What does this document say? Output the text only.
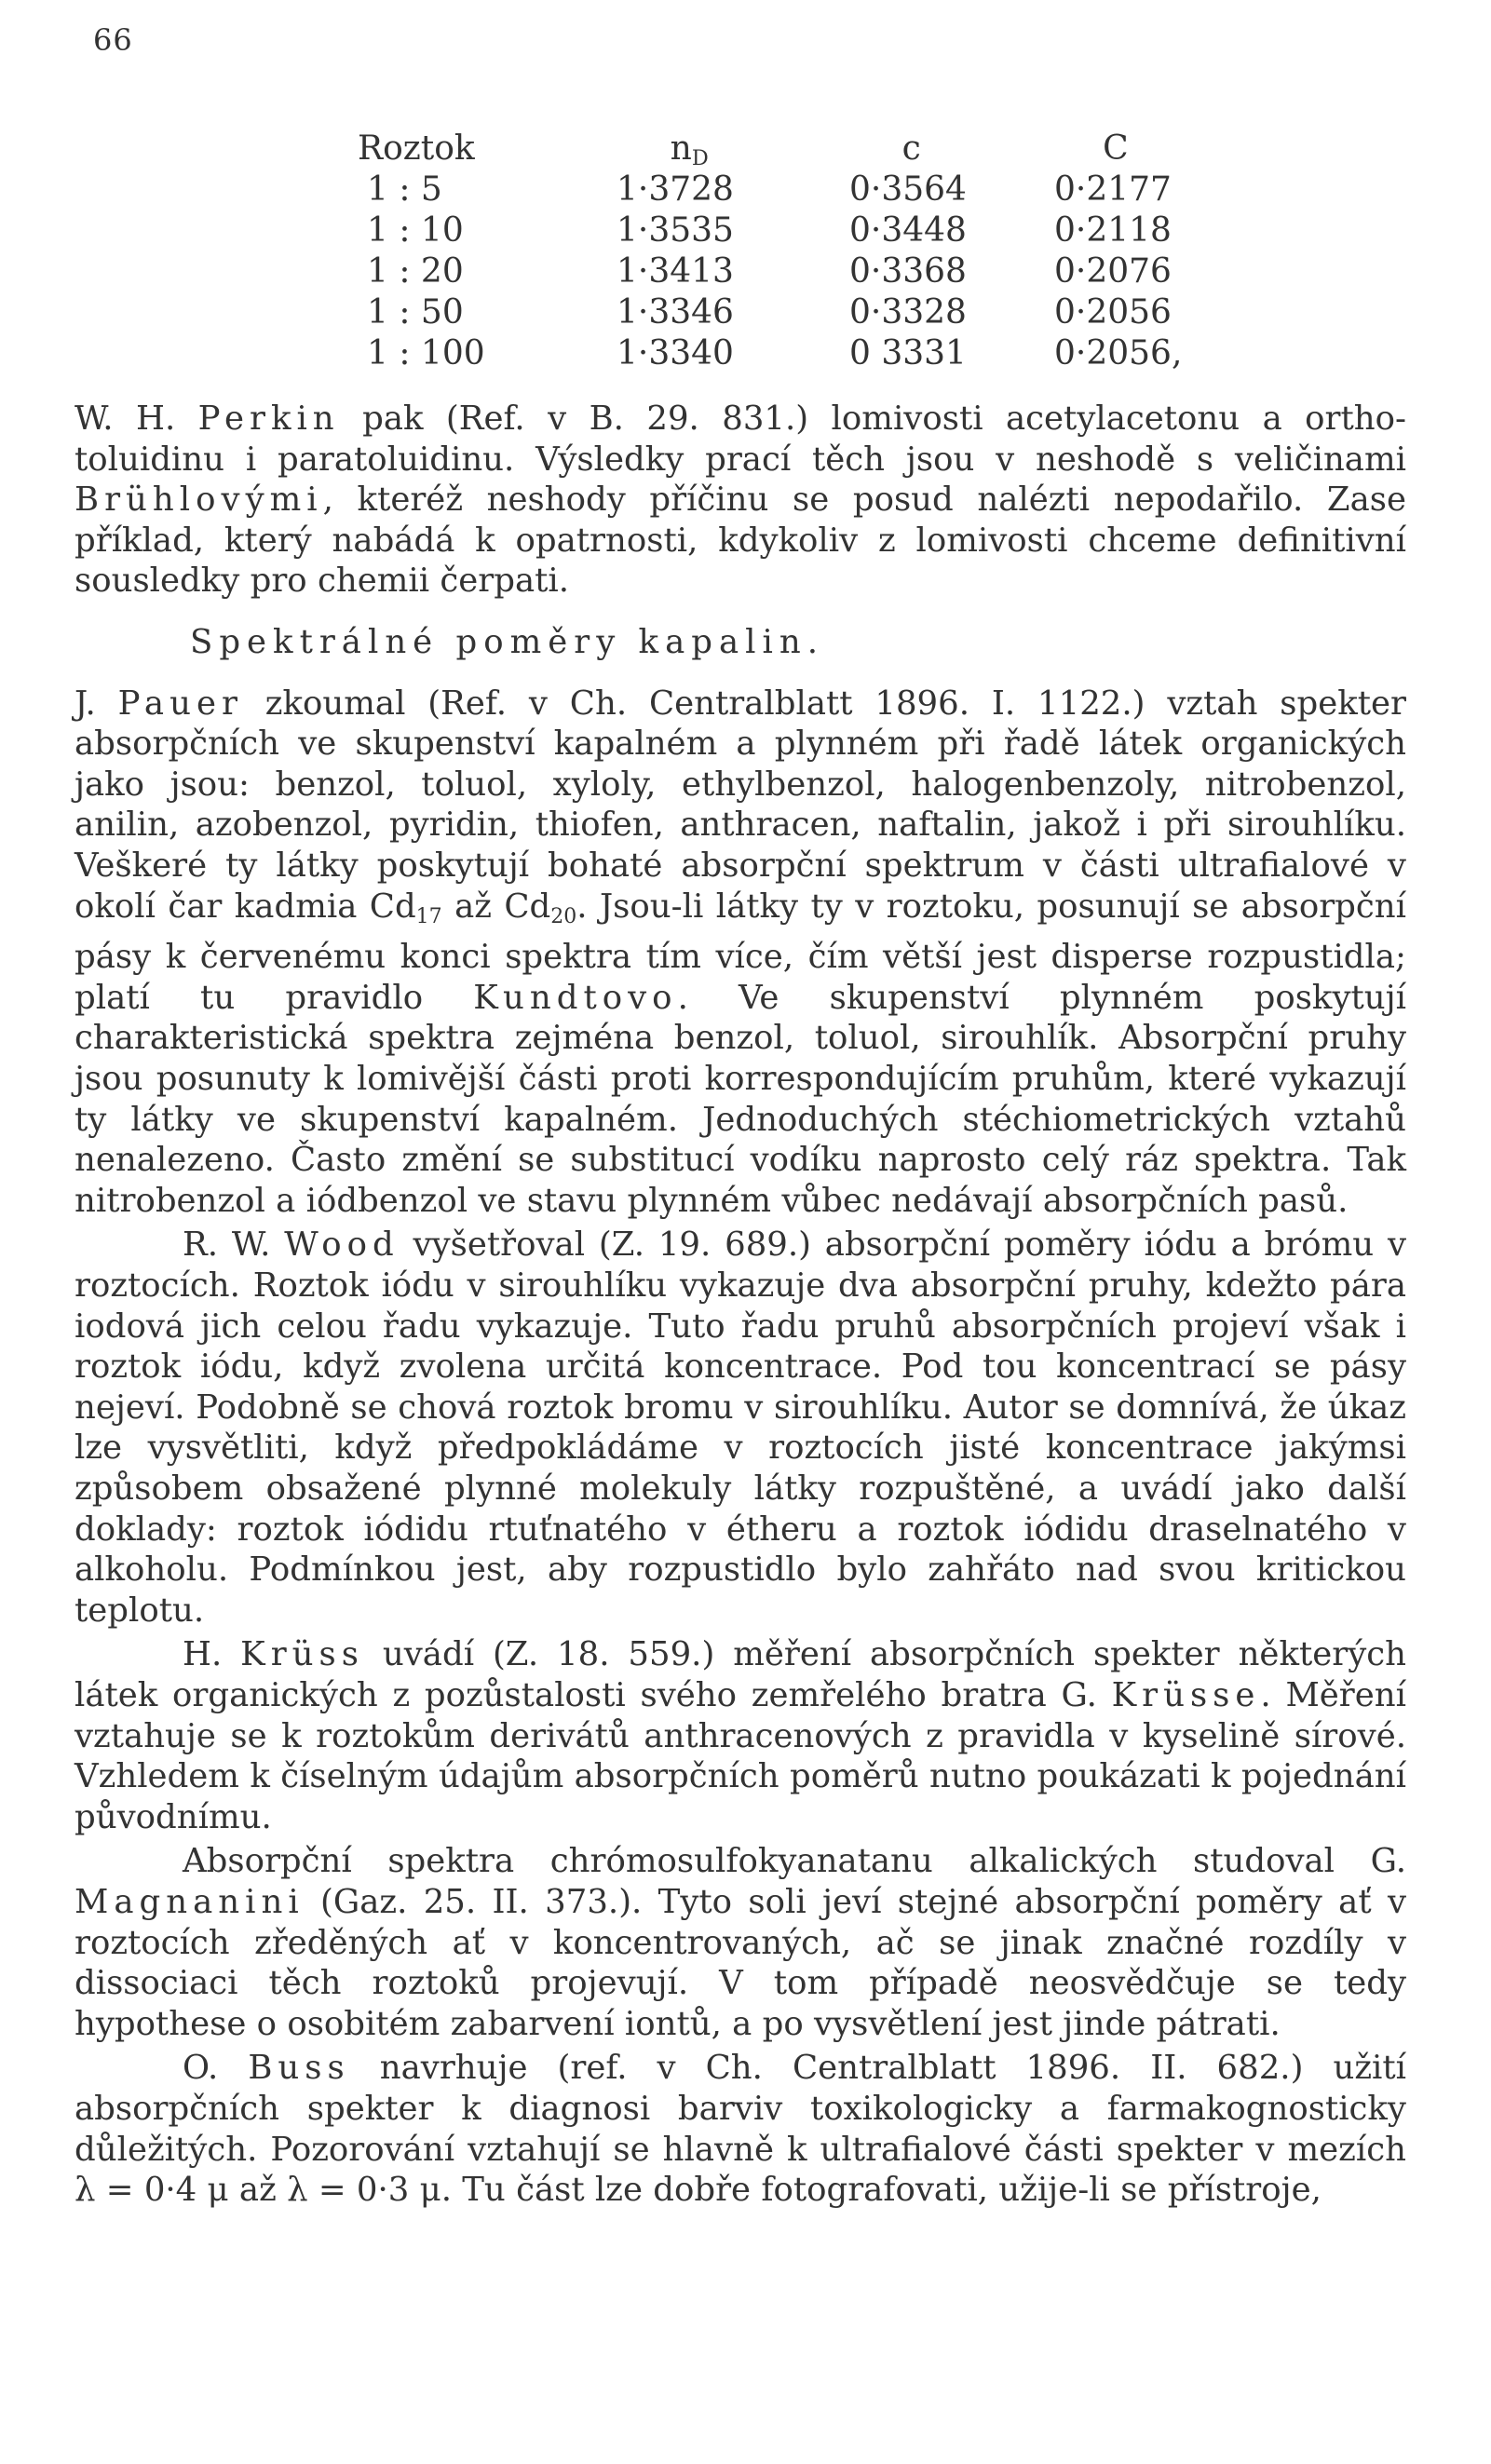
66
Roztok	$n_D$	c	C
1 : 5	1·3728	0·3564	0·2177
1 : 10	1·3535	0·3448	0·2118
1 : 20	1·3413	0·3368	0·2076
1 : 50	1·3346	0·3328	0·2056
1 : 100	1·3340	0 3331	0·2056,

W. H. Perkin pak (Ref. v B. 29. 831.) lomivosti acetylacetonu a ortho- toluidinu i paratoluidinu. Výsledky prací těch jsou v neshodě s veličinami Brühlovými, kteréž neshody příčinu se posud nalézti nepodařilo. Zase příklad, který nabádá k opatrnosti, kdykoliv z lomivosti chceme definitivní sousledky pro chemii čerpati.

Spektrálné poměry kapalin.

J. Pauer zkoumal (Ref. v Ch. Centralblatt 1896. I. 1122.) vztah spekter absorpčních ve skupenství kapalném a plynném při řadě látek organických jako jsou: benzol, toluol, xyloly, ethylbenzol, halogenbenzoly, nitrobenzol, anilin, azobenzol, pyridin, thiofen, anthracen, naftalin, jakož i při sirouhlíku. Veškeré ty látky poskytují bohaté absorpční spektrum v části ultrafialové v okolí čar kadmia $Cd_{17}$ až $Cd_{20}$. Jsou-li látky ty v roztoku, posunují se absorpční pásy k červenému konci spektra tím více, čím větší jest disperse rozpustidla; platí tu pravidlo Kundtovo. Ve skupenství plynném poskytují charakteristická spektra zejména benzol, toluol, sirouhlík. Absorpční pruhy jsou posunuty k lomivější části proti korrespondujícím pruhům, které vykazují ty látky ve skupenství kapalném. Jednoduchých stéchiometrických vztahů nenalezeno. Často změní se substitucí vodíku naprosto celý ráz spektra. Tak nitrobenzol a iódbenzol ve stavu plynném vůbec nedávají absorpčních pasů.

R. W. Wood vyšetřoval (Z. 19. 689.) absorpční poměry iódu a brómu v roztocích. Roztok iódu v sirouhlíku vykazuje dva absorpční pruhy, kdežto pára iodová jich celou řadu vykazuje. Tuto řadu pruhů absorpčních projeví však i roztok iódu, když zvolena určitá koncentrace. Pod tou koncentrací se pásy nejeví. Podobně se chová roztok bromu v sirouhlíku. Autor se domnívá, že úkaz lze vysvětliti, když předpokládáme v roztocích jisté koncentrace jakýmsi způsobem obsažené plynné molekuly látky rozpuštěné, a uvádí jako další doklady: roztok iódidu rtuťnatého v étheru a roztok iódidu draselnatého v alkoholu. Podmínkou jest, aby rozpustidlo bylo zahřáto nad svou kritickou teplotu.

H. Krüss uvádí (Z. 18. 559.) měření absorpčních spekter některých látek organických z pozůstalosti svého zemřelého bratra G. Krüsse. Měření vztahuje se k roztokům derivátů anthracenových z pravidla v kyselině sírové. Vzhledem k číselným údajům absorpčních poměrů nutno poukázati k pojednání původnímu.

Absorpční spektra chrómosulfokyanatanu alkalických studoval G. Magnanini (Gaz. 25. II. 373.). Tyto soli jeví stejné absorpční poměry ať v roztocích zředěných ať v koncentrovaných, ač se jinak značné rozdíly v dissociaci těch roztoků projevují. V tom případě neosvědčuje se tedy hypothese o osobitém zabarvení iontů, a po vysvětlení jest jinde pátrati.

O. Buss navrhuje (ref. v Ch. Centralblatt 1896. II. 682.) užití absorpčních spekter k diagnosi barviv toxikologicky a farmakognosticky důležitých. Pozorování vztahují se hlavně k ultrafialové části spekter v mezích λ = 0·4 μ až λ = 0·3 μ. Tu část lze dobře fotografovati, užije-li se přístroje,
